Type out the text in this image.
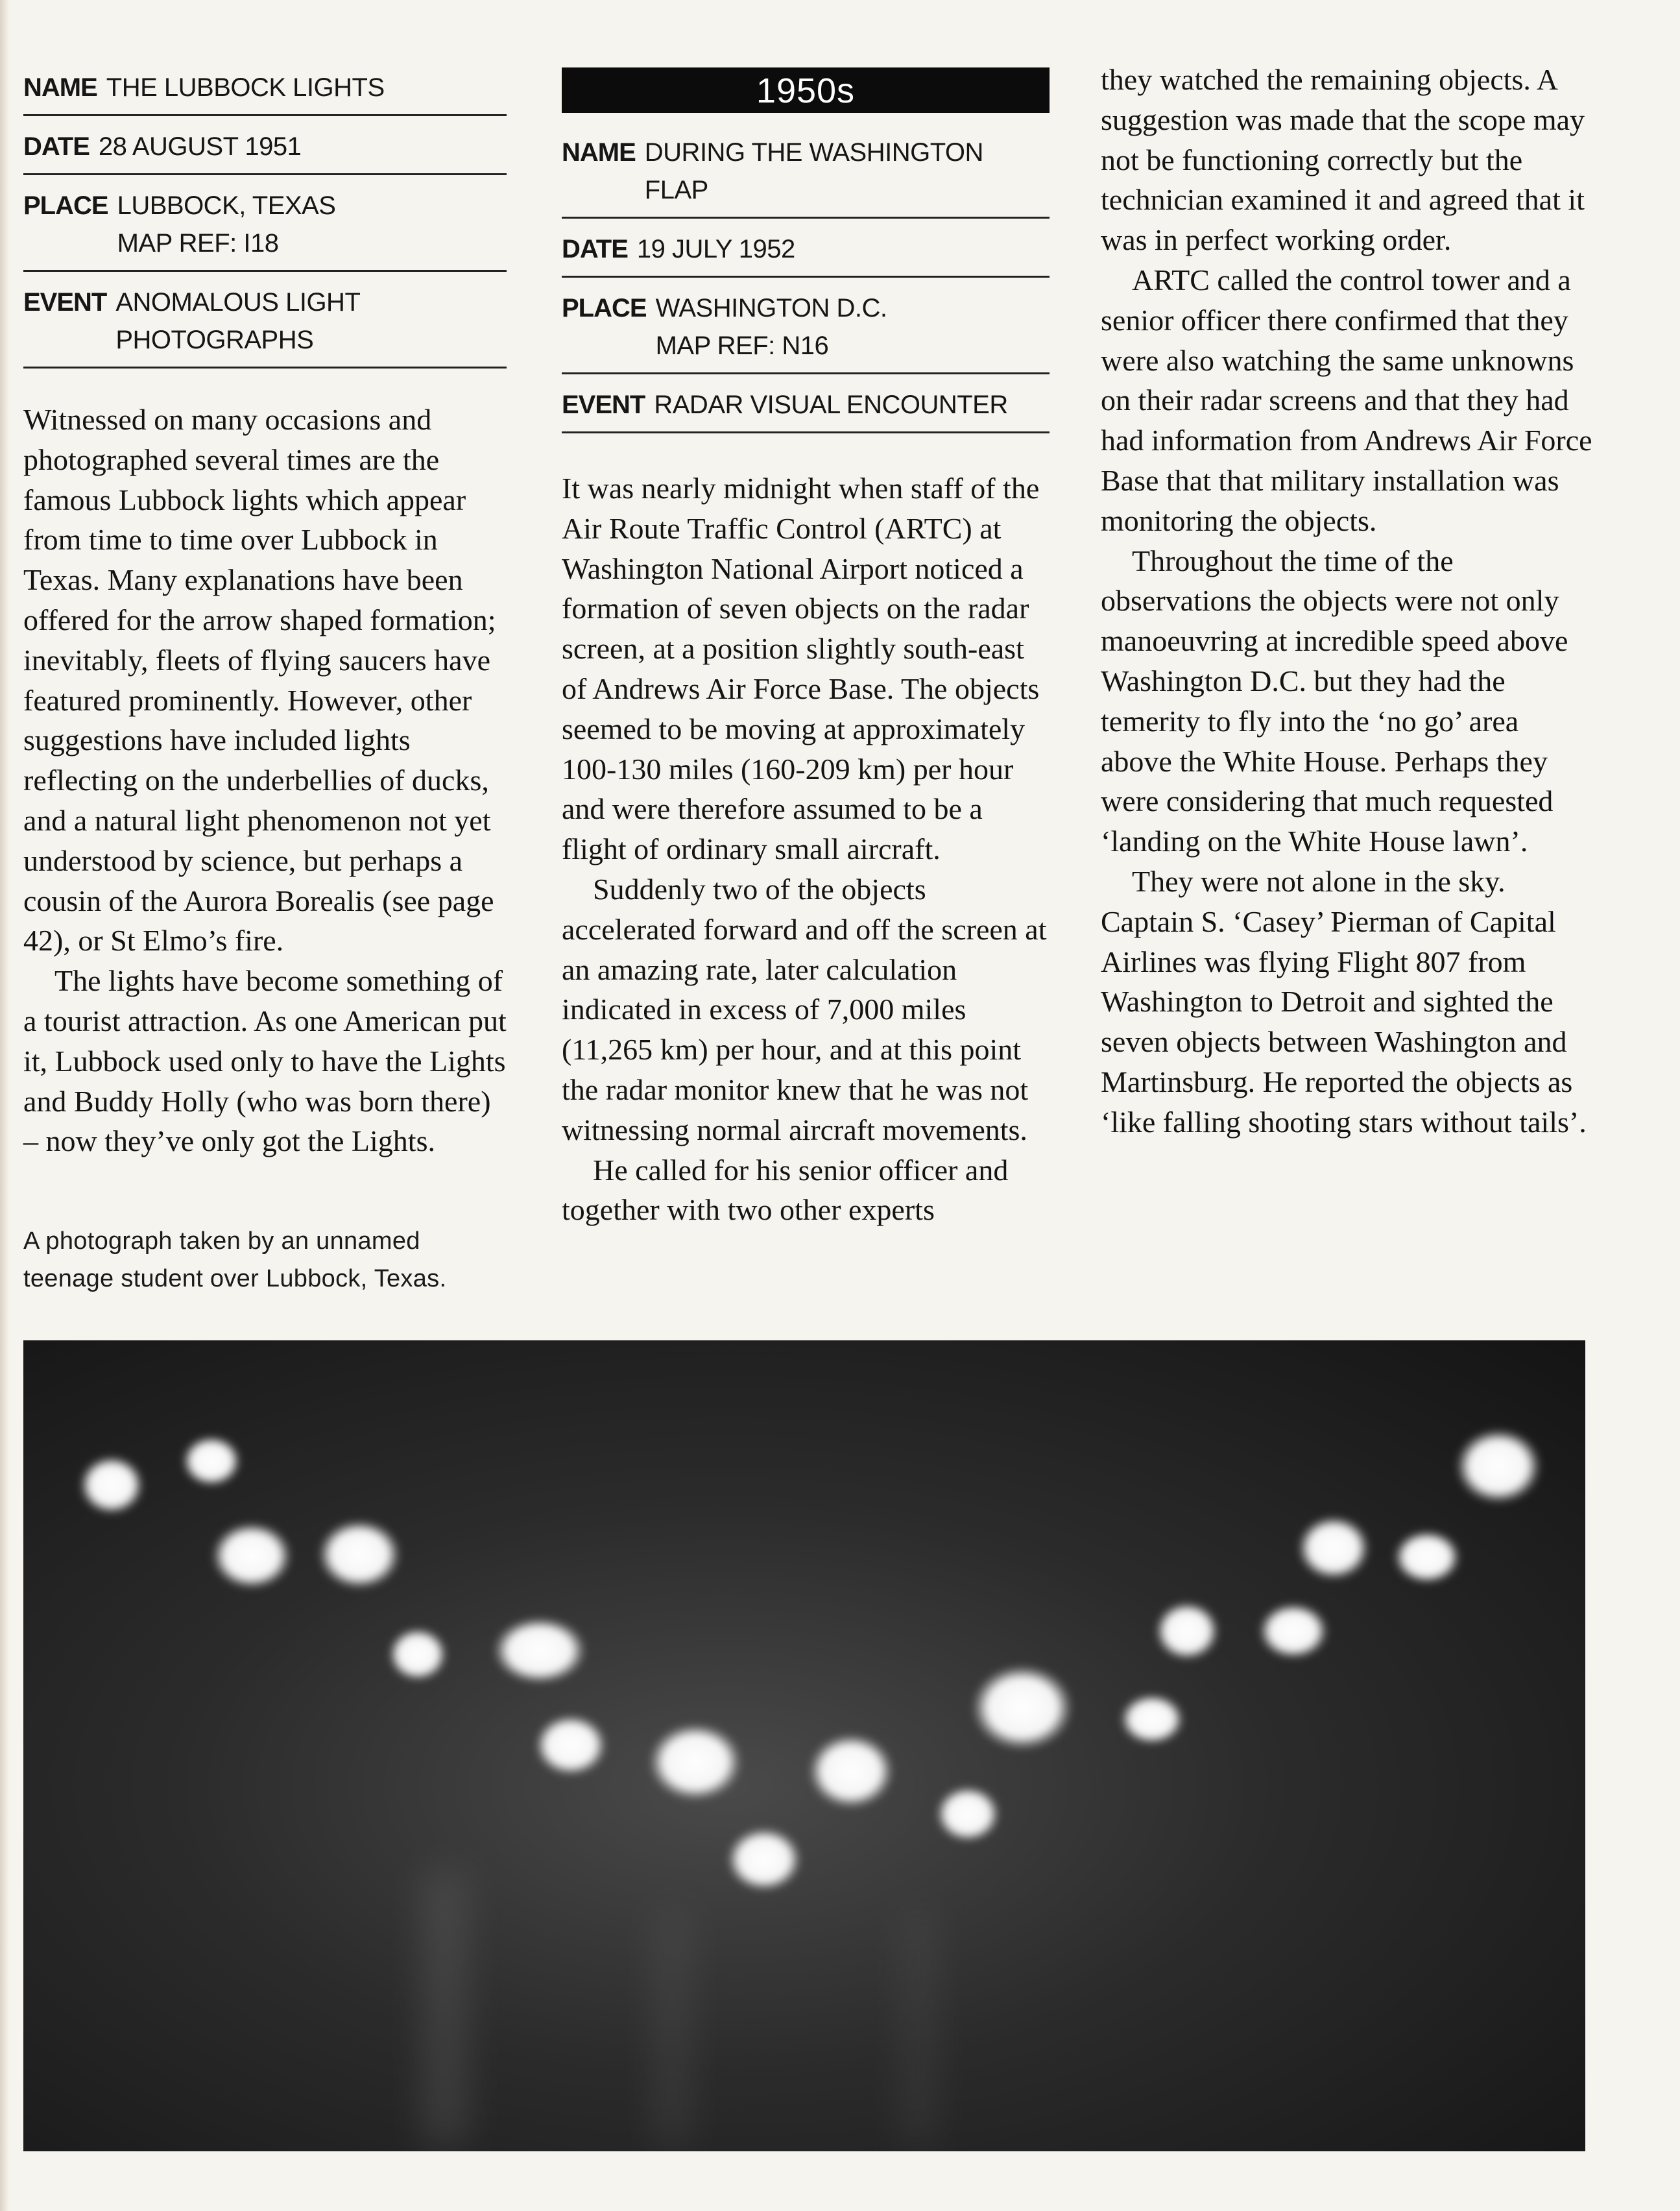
NAME THE LUBBOCK LIGHTS
DATE 28 AUGUST 1951
PLACE LUBBOCK, TEXAS
MAP REF: I18
EVENT ANOMALOUS LIGHT PHOTOGRAPHS

Witnessed on many occasions and photographed several times are the famous Lubbock lights which appear from time to time over Lubbock in Texas. Many explanations have been offered for the arrow shaped formation; inevitably, fleets of flying saucers have featured prominently. However, other suggestions have included lights reflecting on the underbellies of ducks, and a natural light phenomenon not yet understood by science, but perhaps a cousin of the Aurora Borealis (see page 42), or St Elmo’s fire.

The lights have become something of a tourist attraction. As one American put it, Lubbock used only to have the Lights and Buddy Holly (who was born there) – now they’ve only got the Lights.

A photograph taken by an unnamed teenage student over Lubbock, Texas.
1950s
NAME DURING THE WASHINGTON FLAP
DATE 19 JULY 1952
PLACE WASHINGTON D.C.
MAP REF: N16
EVENT RADAR VISUAL ENCOUNTER

It was nearly midnight when staff of the Air Route Traffic Control (ARTC) at Washington National Airport noticed a formation of seven objects on the radar screen, at a position slightly south-east of Andrews Air Force Base. The objects seemed to be moving at approximately 100-130 miles (160-209 km) per hour and were therefore assumed to be a flight of ordinary small aircraft.

Suddenly two of the objects accelerated forward and off the screen at an amazing rate, later calculation indicated in excess of 7,000 miles (11,265 km) per hour, and at this point the radar monitor knew that he was not witnessing normal aircraft movements.

He called for his senior officer and together with two other experts

they watched the remaining objects. A suggestion was made that the scope may not be functioning correctly but the technician examined it and agreed that it was in perfect working order.

ARTC called the control tower and a senior officer there confirmed that they were also watching the same unknowns on their radar screens and that they had had information from Andrews Air Force Base that that military installation was monitoring the objects.

Throughout the time of the observations the objects were not only manoeuvring at incredible speed above Washington D.C. but they had the temerity to fly into the ‘no go’ area above the White House. Perhaps they were considering that much requested ‘landing on the White House lawn’.

They were not alone in the sky. Captain S. ‘Casey’ Pierman of Capital Airlines was flying Flight 807 from Washington to Detroit and sighted the seven objects between Washington and Martinsburg. He reported the objects as ‘like falling shooting stars without tails’.
